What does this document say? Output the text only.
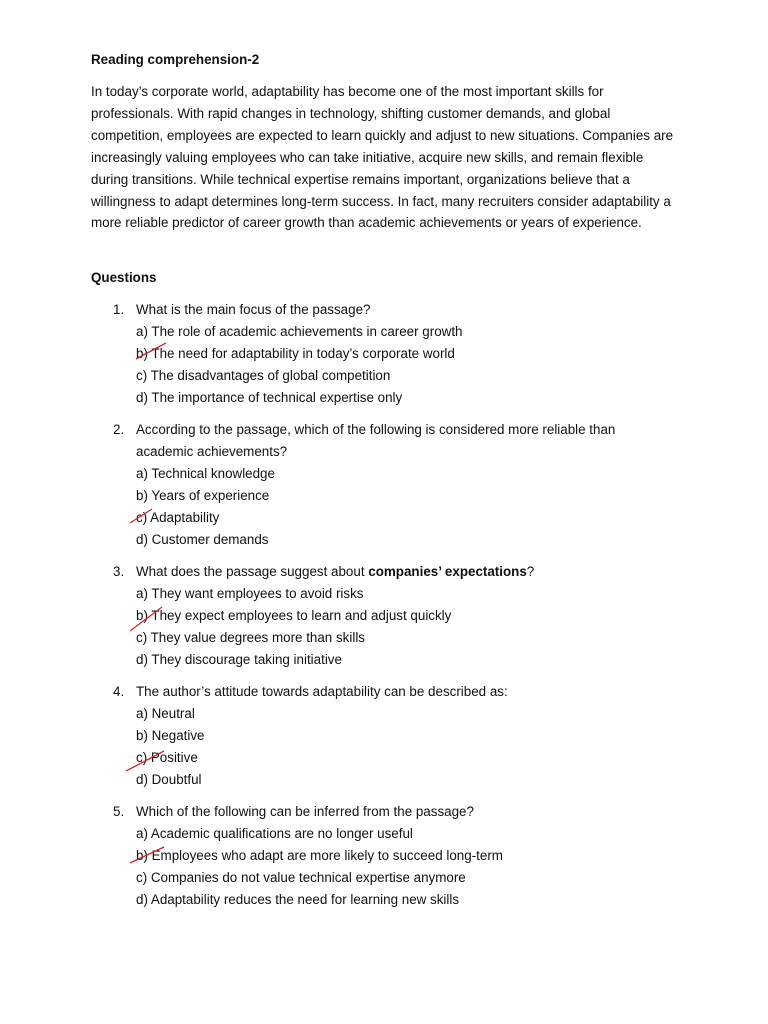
Reading comprehension-2
In today’s corporate world, adaptability has become one of the most important skills for professionals. With rapid changes in technology, shifting customer demands, and global competition, employees are expected to learn quickly and adjust to new situations. Companies are increasingly valuing employees who can take initiative, acquire new skills, and remain flexible during transitions. While technical expertise remains important, organizations believe that a willingness to adapt determines long-term success. In fact, many recruiters consider adaptability a more reliable predictor of career growth than academic achievements or years of experience.
Questions
1. What is the main focus of the passage?
a) The role of academic achievements in career growth
b) The need for adaptability in today’s corporate world
c) The disadvantages of global competition
d) The importance of technical expertise only
2. According to the passage, which of the following is considered more reliable than academic achievements?
a) Technical knowledge
b) Years of experience
c) Adaptability
d) Customer demands
3. What does the passage suggest about companies’ expectations?
a) They want employees to avoid risks
b) They expect employees to learn and adjust quickly
c) They value degrees more than skills
d) They discourage taking initiative
4. The author’s attitude towards adaptability can be described as:
a) Neutral
b) Negative
c) Positive
d) Doubtful
5. Which of the following can be inferred from the passage?
a) Academic qualifications are no longer useful
b) Employees who adapt are more likely to succeed long-term
c) Companies do not value technical expertise anymore
d) Adaptability reduces the need for learning new skills
